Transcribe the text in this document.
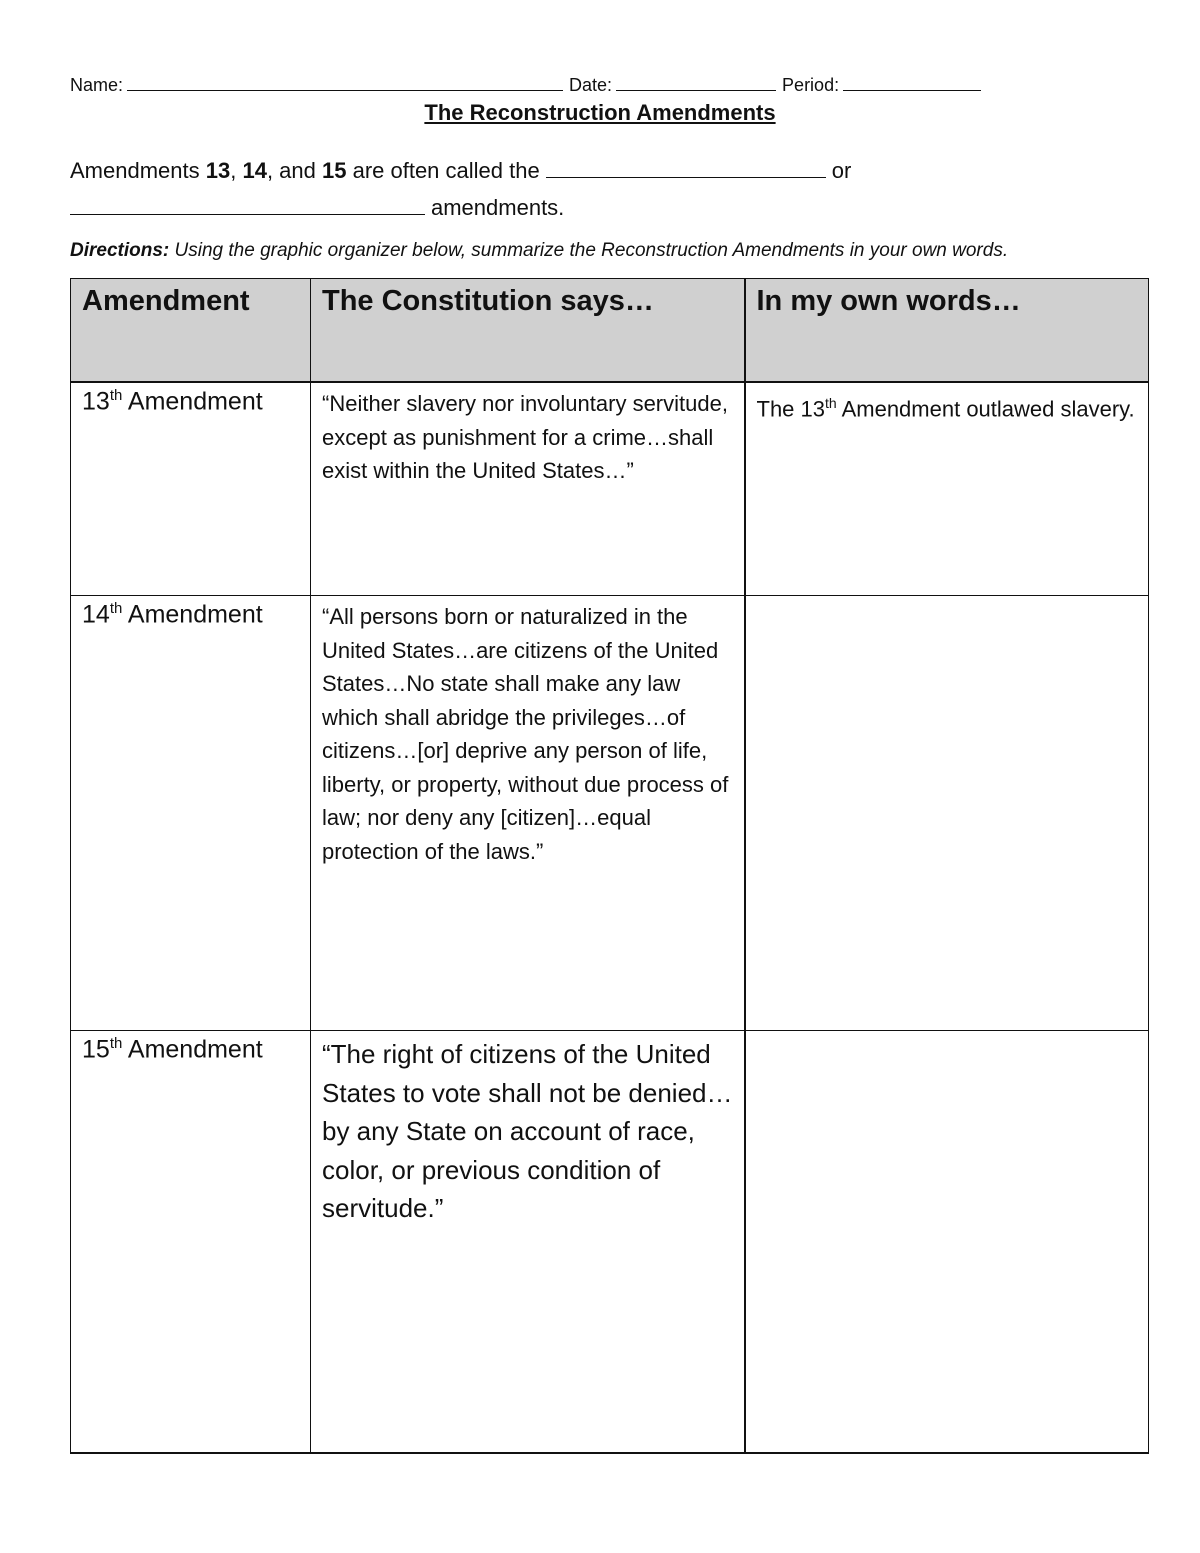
Name:	Date:	Period:
The Reconstruction Amendments
Amendments 13, 14, and 15 are often called the	or
amendments.
Directions: Using the graphic organizer below, summarize the Reconstruction Amendments in your own words.
Amendment	The Constitution says…	In my own words…
13th Amendment	“Neither slavery nor involuntary servitude, except as punishment for a crime…shall exist within the United States…”	The 13th Amendment outlawed slavery.
14th Amendment	“All persons born or naturalized in the United States…are citizens of the United States…No state shall make any law which shall abridge the privileges…of citizens…[or] deprive any person of life, liberty, or property, without due process of law; nor deny any [citizen]…equal protection of the laws.”	
15th Amendment	“The right of citizens of the United States to vote shall not be denied…by any State on account of race, color, or previous condition of servitude.”	
